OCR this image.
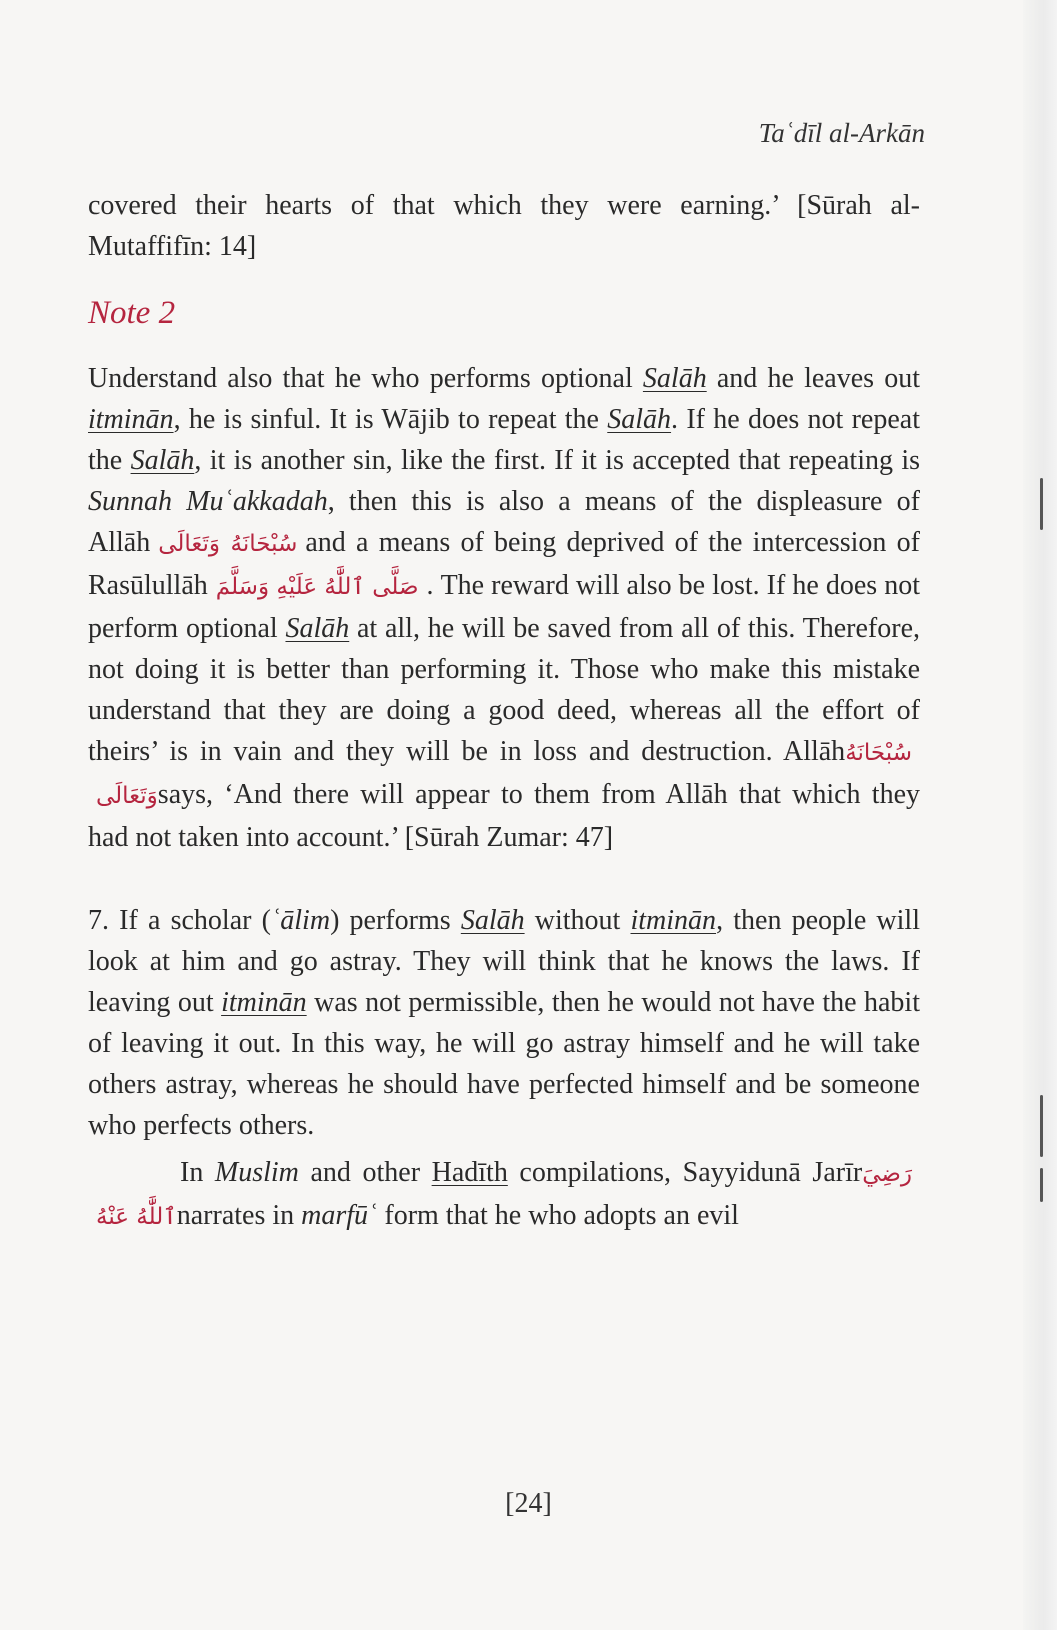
Taʿdīl al-Arkān

covered their hearts of that which they were earning.’ [Sūrah al-Mutaffifīn: 14]

Note 2

Understand also that he who performs optional Salāh and he leaves out itminān, he is sinful. It is Wājib to repeat the Salāh. If he does not repeat the Salāh, it is another sin, like the first. If it is accepted that repeating is Sunnah Muʿakkadah, then this is also a means of the displeasure of Allāh سُبْحَانَهُ وَتَعَالَى and a means of being deprived of the intercession of Rasūlullāh صَلَّى ٱللَّٰهُ عَلَيْهِ وَسَلَّمَ . The reward will also be lost. If he does not perform optional Salāh at all, he will be saved from all of this. Therefore, not doing it is better than performing it. Those who make this mistake understand that they are doing a good deed, whereas all the effort of theirs’ is in vain and they will be in loss and destruction. Allāhسُبْحَانَهُ وَتَعَالَىsays, ‘And there will appear to them from Allāh that which they had not taken into account.’ [Sūrah Zumar: 47]

7. If a scholar (ʿālim) performs Salāh without itminān, then people will look at him and go astray. They will think that he knows the laws. If leaving out itminān was not permissible, then he would not have the habit of leaving it out. In this way, he will go astray himself and he will take others astray, whereas he should have perfected himself and be someone who perfects others.

In Muslim and other Hadīth compilations, Sayyidunā Jarīrرَضِيَ ٱللَّٰهُ عَنْهُnarrates in marfūʿ form that he who adopts an evil

[24]
